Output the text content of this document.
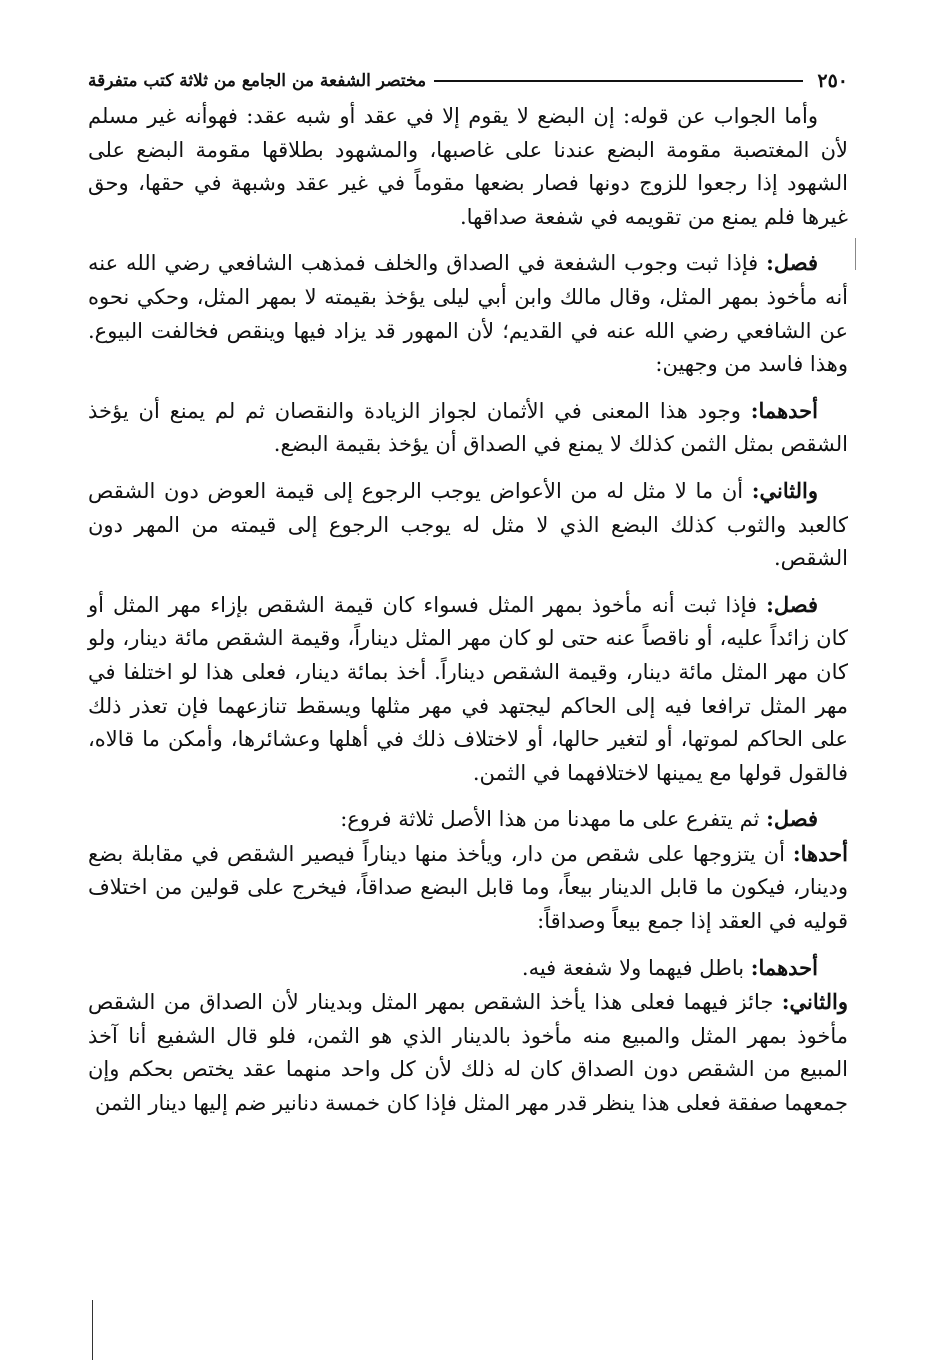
٢٥٠
مختصر الشفعة من الجامع من ثلاثة كتب متفرقة

وأما الجواب عن قوله: إن البضع لا يقوم إلا في عقد أو شبه عقد: فهوأنه غير مسلم لأن المغتصبة مقومة البضع عندنا على غاصبها، والمشهود بطلاقها مقومة البضع على الشهود إذا رجعوا للزوج دونها فصار بضعها مقوماً في غير عقد وشبهة في حقها، وحق غيرها فلم يمنع من تقويمه في شفعة صداقها.

فصل: فإذا ثبت وجوب الشفعة في الصداق والخلف فمذهب الشافعي رضي الله عنه أنه مأخوذ بمهر المثل، وقال مالك وابن أبي ليلى يؤخذ بقيمته لا بمهر المثل، وحكي نحوه عن الشافعي رضي الله عنه في القديم؛ لأن المهور قد يزاد فيها وينقص فخالفت البيوع. وهذا فاسد من وجهين:

أحدهما: وجود هذا المعنى في الأثمان لجواز الزيادة والنقصان ثم لم يمنع أن يؤخذ الشقص بمثل الثمن كذلك لا يمنع في الصداق أن يؤخذ بقيمة البضع.

والثاني: أن ما لا مثل له من الأعواض يوجب الرجوع إلى قيمة العوض دون الشقص كالعبد والثوب كذلك البضع الذي لا مثل له يوجب الرجوع إلى قيمته من المهر دون الشقص.

فصل: فإذا ثبت أنه مأخوذ بمهر المثل فسواء كان قيمة الشقص بإزاء مهر المثل أو كان زائداً عليه، أو ناقصاً عنه حتى لو كان مهر المثل ديناراً، وقيمة الشقص مائة دينار، ولو كان مهر المثل مائة دينار، وقيمة الشقص ديناراً. أخذ بمائة دينار، فعلى هذا لو اختلفا في مهر المثل ترافعا فيه إلى الحاكم ليجتهد في مهر مثلها ويسقط تنازعهما فإن تعذر ذلك على الحاكم لموتها، أو لتغير حالها، أو لاختلاف ذلك في أهلها وعشائرها، وأمكن ما قالاه، فالقول قولها مع يمينها لاختلافهما في الثمن.

فصل: ثم يتفرع على ما مهدنا من هذا الأصل ثلاثة فروع:

أحدها: أن يتزوجها على شقص من دار، ويأخذ منها ديناراً فيصير الشقص في مقابلة بضع ودينار، فيكون ما قابل الدينار بيعاً، وما قابل البضع صداقاً، فيخرج على قولين من اختلاف قوليه في العقد إذا جمع بيعاً وصداقاً:

أحدهما: باطل فيهما ولا شفعة فيه.

والثاني: جائز فيهما فعلى هذا يأخذ الشقص بمهر المثل وبدينار لأن الصداق من الشقص مأخوذ بمهر المثل والمبيع منه مأخوذ بالدينار الذي هو الثمن، فلو قال الشفيع أنا آخذ المبيع من الشقص دون الصداق كان له ذلك لأن كل واحد منهما عقد يختص بحكم وإن جمعهما صفقة فعلى هذا ينظر قدر مهر المثل فإذا كان خمسة دنانير ضم إليها دينار الثمن
